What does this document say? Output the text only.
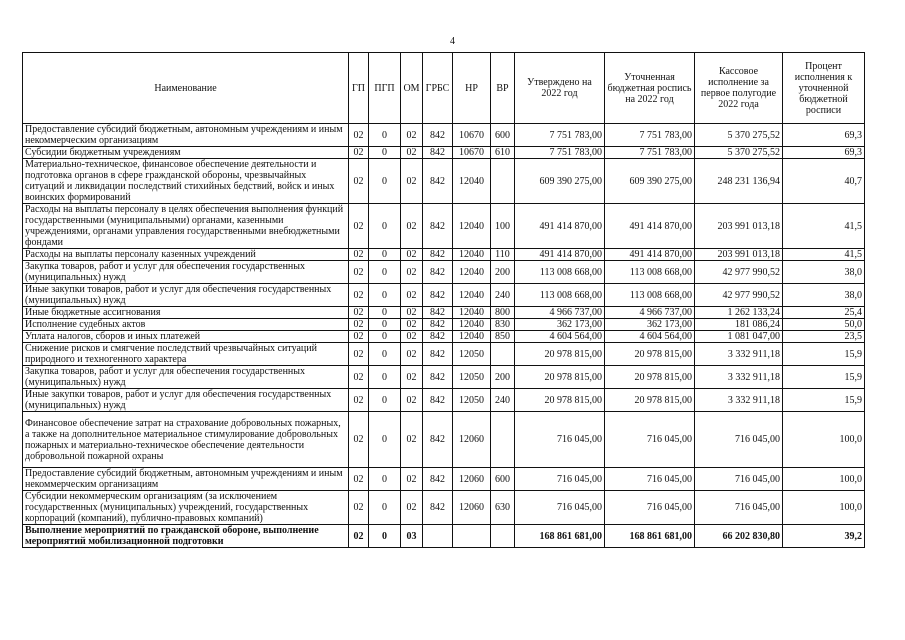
4
Наименование	ГП	ПГП	ОМ	ГРБС	НР	ВР	Утверждено на 2022 год	Уточненная бюджетная роспись на 2022 год	Кассовое исполнение за первое полугодие 2022 года	Процент исполнения к уточненной бюджетной росписи
Предоставление субсидий бюджетным, автономным учреждениям и иным некоммерческим организациям	02	0	02	842	10670	600	7 751 783,00	7 751 783,00	5 370 275,52	69,3
Субсидии бюджетным учреждениям	02	0	02	842	10670	610	7 751 783,00	7 751 783,00	5 370 275,52	69,3
Материально-техническое, финансовое обеспечение деятельности и подготовка органов в сфере гражданской обороны, чрезвычайных ситуаций и ликвидации последствий стихийных бедствий, войск и иных воинских формирований	02	0	02	842	12040		609 390 275,00	609 390 275,00	248 231 136,94	40,7
Расходы на выплаты персоналу в целях обеспечения выполнения функций государственными (муниципальными) органами, казенными учреждениями, органами управления государственными внебюджетными фондами	02	0	02	842	12040	100	491 414 870,00	491 414 870,00	203 991 013,18	41,5
Расходы на выплаты персоналу казенных учреждений	02	0	02	842	12040	110	491 414 870,00	491 414 870,00	203 991 013,18	41,5
Закупка товаров, работ и услуг для обеспечения государственных (муниципальных) нужд	02	0	02	842	12040	200	113 008 668,00	113 008 668,00	42 977 990,52	38,0
Иные закупки товаров, работ и услуг для обеспечения государственных (муниципальных) нужд	02	0	02	842	12040	240	113 008 668,00	113 008 668,00	42 977 990,52	38,0
Иные бюджетные ассигнования	02	0	02	842	12040	800	4 966 737,00	4 966 737,00	1 262 133,24	25,4
Исполнение судебных актов	02	0	02	842	12040	830	362 173,00	362 173,00	181 086,24	50,0
Уплата налогов, сборов и иных платежей	02	0	02	842	12040	850	4 604 564,00	4 604 564,00	1 081 047,00	23,5
Снижение рисков и смягчение последствий чрезвычайных ситуаций природного и техногенного характера	02	0	02	842	12050		20 978 815,00	20 978 815,00	3 332 911,18	15,9
Закупка товаров, работ и услуг для обеспечения государственных (муниципальных) нужд	02	0	02	842	12050	200	20 978 815,00	20 978 815,00	3 332 911,18	15,9
Иные закупки товаров, работ и услуг для обеспечения государственных (муниципальных) нужд	02	0	02	842	12050	240	20 978 815,00	20 978 815,00	3 332 911,18	15,9
Финансовое обеспечение затрат на страхование добровольных пожарных, а также на дополнительное материальное стимулирование добровольных пожарных и материально-техническое обеспечение деятельности добровольной пожарной охраны	02	0	02	842	12060		716 045,00	716 045,00	716 045,00	100,0
Предоставление субсидий бюджетным, автономным учреждениям и иным некоммерческим организациям	02	0	02	842	12060	600	716 045,00	716 045,00	716 045,00	100,0
Субсидии некоммерческим организациям (за исключением государственных (муниципальных) учреждений, государственных корпораций (компаний), публично-правовых компаний)	02	0	02	842	12060	630	716 045,00	716 045,00	716 045,00	100,0
Выполнение мероприятий по гражданской обороне, выполнение мероприятий мобилизационной подготовки	02	0	03				168 861 681,00	168 861 681,00	66 202 830,80	39,2
